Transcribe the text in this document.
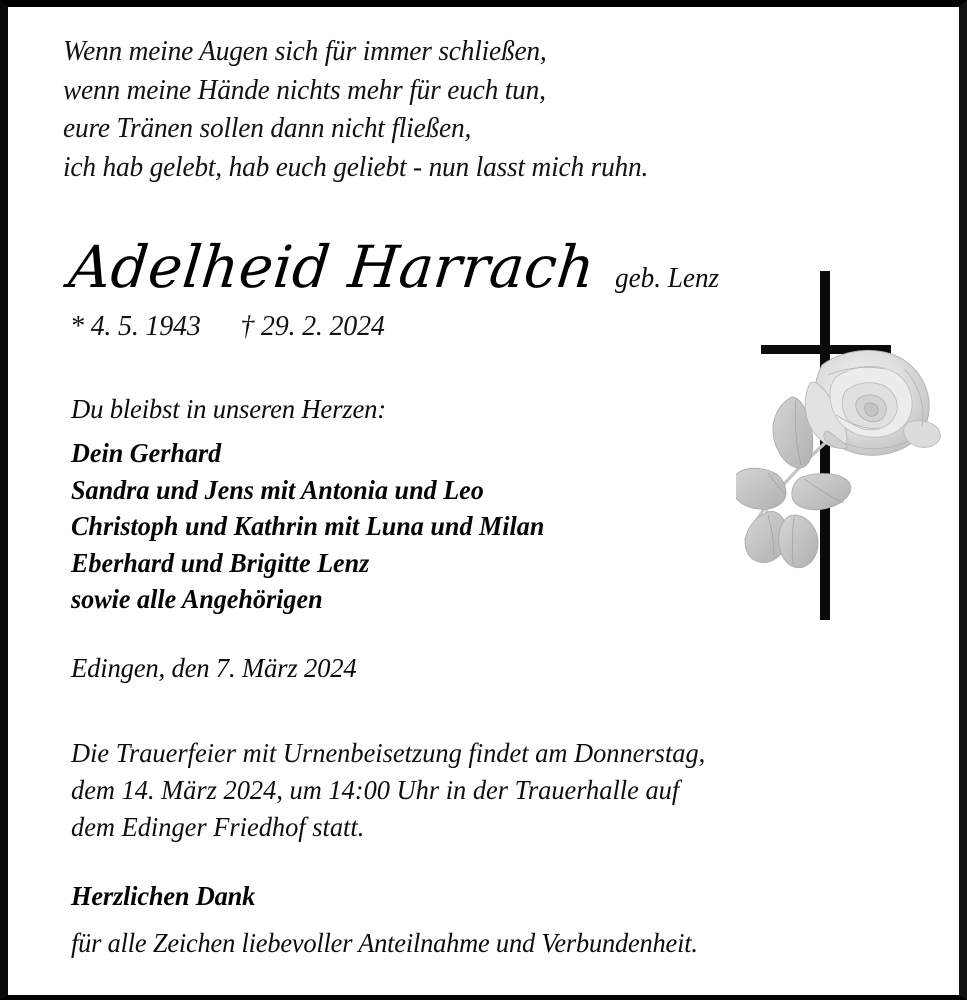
Wenn meine Augen sich für immer schließen,
wenn meine Hände nichts mehr für euch tun,
eure Tränen sollen dann nicht fließen,
ich hab gelebt, hab euch geliebt - nun lasst mich ruhn.
Adelheid Harrach geb. Lenz
* 4. 5. 1943 † 29. 2. 2024
Du bleibst in unseren Herzen:
Dein Gerhard
Sandra und Jens mit Antonia und Leo
Christoph und Kathrin mit Luna und Milan
Eberhard und Brigitte Lenz
sowie alle Angehörigen
Edingen, den 7. März 2024
Die Trauerfeier mit Urnenbeisetzung findet am Donnerstag,
dem 14. März 2024, um 14:00 Uhr in der Trauerhalle auf
dem Edinger Friedhof statt.
Herzlichen Dank
für alle Zeichen liebevoller Anteilnahme und Verbundenheit.
